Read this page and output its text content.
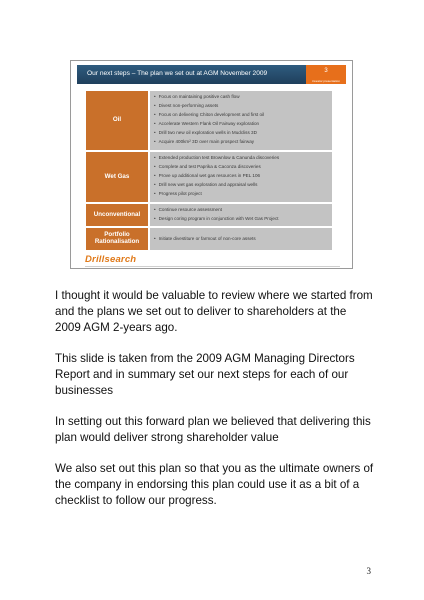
Our next steps – The plan we set out at AGM November 2009	3
investor presentation
Oil
• Focus on maintaining positive cash flow
• Divest non-performing assets
• Focus on delivering Chiton development and first oil
• Accelerate Western Flank Oil Fairway exploration
• Drill two new oil exploration wells in Mudcliss 3D
• Acquire 400km² 3D over main prospect fairway
Wet Gas
• Extended production test Brownlow & Canunda discoveries
• Complete and test Paprika & Caconza discoveries
• Prove up additional wet gas resources in PEL 106
• Drill new wet gas exploration and appraisal wells
• Progress pilot project
Unconventional
• Continue resource assessment
• Design coring program in conjunction with Wet Gas Project
Portfolio Rationalisation
•	Initiate divestiture or farmout of non-core assets
Drillsearch

I thought it would be valuable to review where we started from and the plans we set out to deliver to shareholders at the 2009 AGM 2-years ago.

This slide is taken from the 2009 AGM Managing Directors Report and in summary set our next steps for each of our businesses

In setting out this forward plan we believed that delivering this plan would deliver strong shareholder value

We also set out this plan so that you as the ultimate owners of the company in endorsing this plan could use it as a bit of a checklist to follow our progress.

3
